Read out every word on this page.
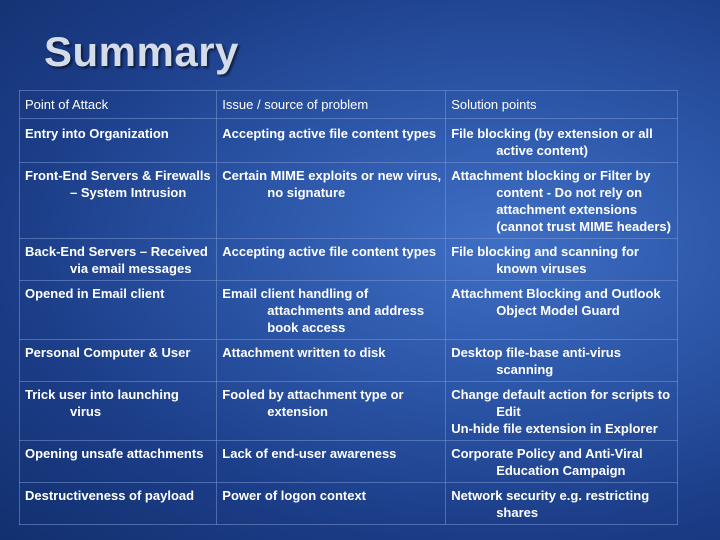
Summary
Point of Attack	Issue / source of problem	Solution points

Entry into Organization	Accepting active file content types	File blocking (by extension or all active content)

Front-End Servers & Firewalls – System Intrusion	Certain MIME exploits or new virus, no signature	Attachment blocking or Filter by content - Do not rely on attachment extensions (cannot trust MIME headers)

Back-End Servers – Received via email messages	Accepting active file content types	File blocking and scanning for known viruses

Opened in Email client	Email client handling of attachments and address book access	Attachment Blocking and Outlook Object Model Guard

Personal Computer & User	Attachment written to disk	Desktop file-base anti-virus scanning

Trick user into launching virus	Fooled by attachment type or extension	Change default action for scripts to Edit
Un-hide file extension in Explorer

Opening unsafe attachments	Lack of end-user awareness	Corporate Policy and Anti-Viral Education Campaign

Destructiveness of payload	Power of logon context	Network security e.g. restricting shares
